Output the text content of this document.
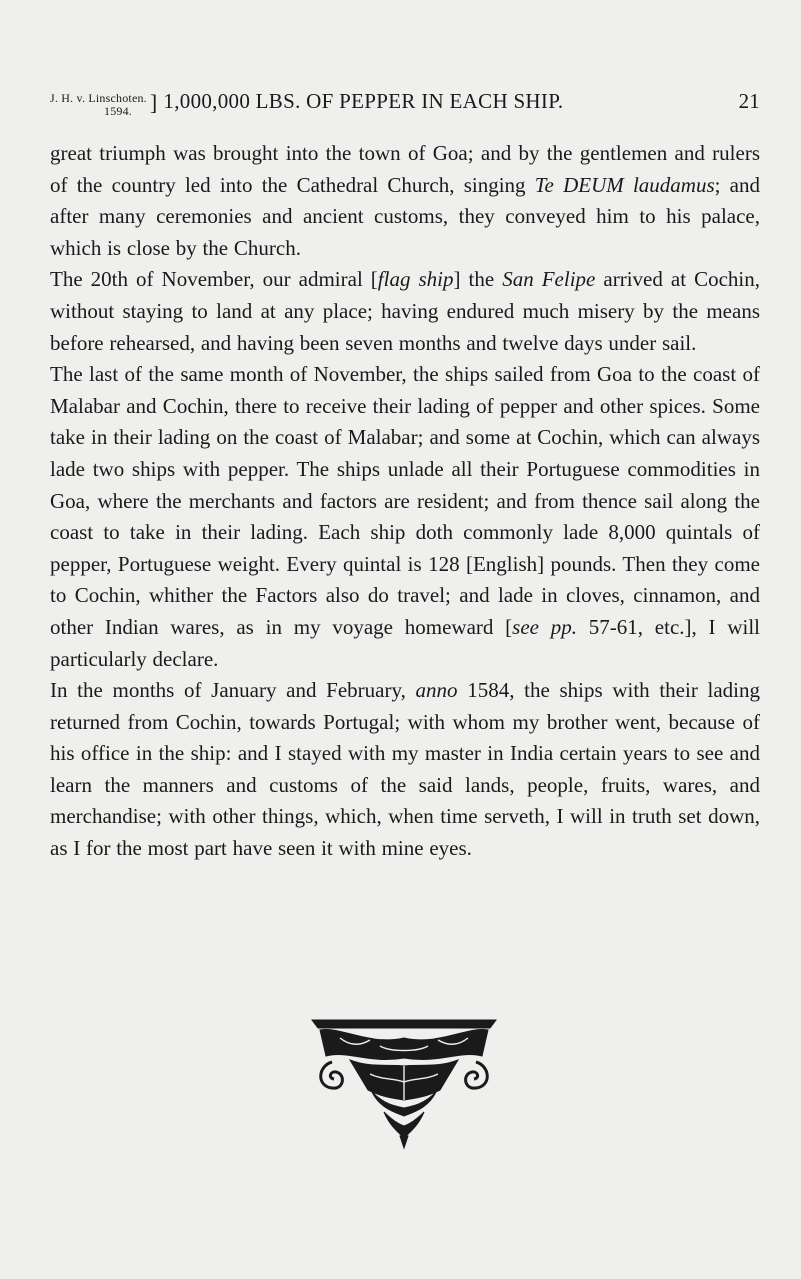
J. H. v. Linschoten.
1594. ] 1,000,000 LBS. OF PEPPER IN EACH SHIP.	21

great triumph was brought into the town of Goa; and by the gentlemen and rulers of the country led into the Cathedral Church, singing Te DEUM laudamus; and after many ceremonies and ancient customs, they conveyed him to his palace, which is close by the Church.

The 20th of November, our admiral [flag ship] the San Felipe arrived at Cochin, without staying to land at any place; having endured much misery by the means before rehearsed, and having been seven months and twelve days under sail.

The last of the same month of November, the ships sailed from Goa to the coast of Malabar and Cochin, there to receive their lading of pepper and other spices. Some take in their lading on the coast of Malabar; and some at Cochin, which can always lade two ships with pepper. The ships unlade all their Portuguese commodities in Goa, where the merchants and factors are resident; and from thence sail along the coast to take in their lading. Each ship doth commonly lade 8,000 quintals of pepper, Portuguese weight. Every quintal is 128 [English] pounds. Then they come to Cochin, whither the Factors also do travel; and lade in cloves, cinnamon, and other Indian wares, as in my voyage homeward [see pp. 57-61, etc.], I will particularly declare.

In the months of January and February, anno 1584, the ships with their lading returned from Cochin, towards Portugal; with whom my brother went, because of his office in the ship: and I stayed with my master in India certain years to see and learn the manners and customs of the said lands, people, fruits, wares, and merchandise; with other things, which, when time serveth, I will in truth set down, as I for the most part have seen it with mine eyes.
